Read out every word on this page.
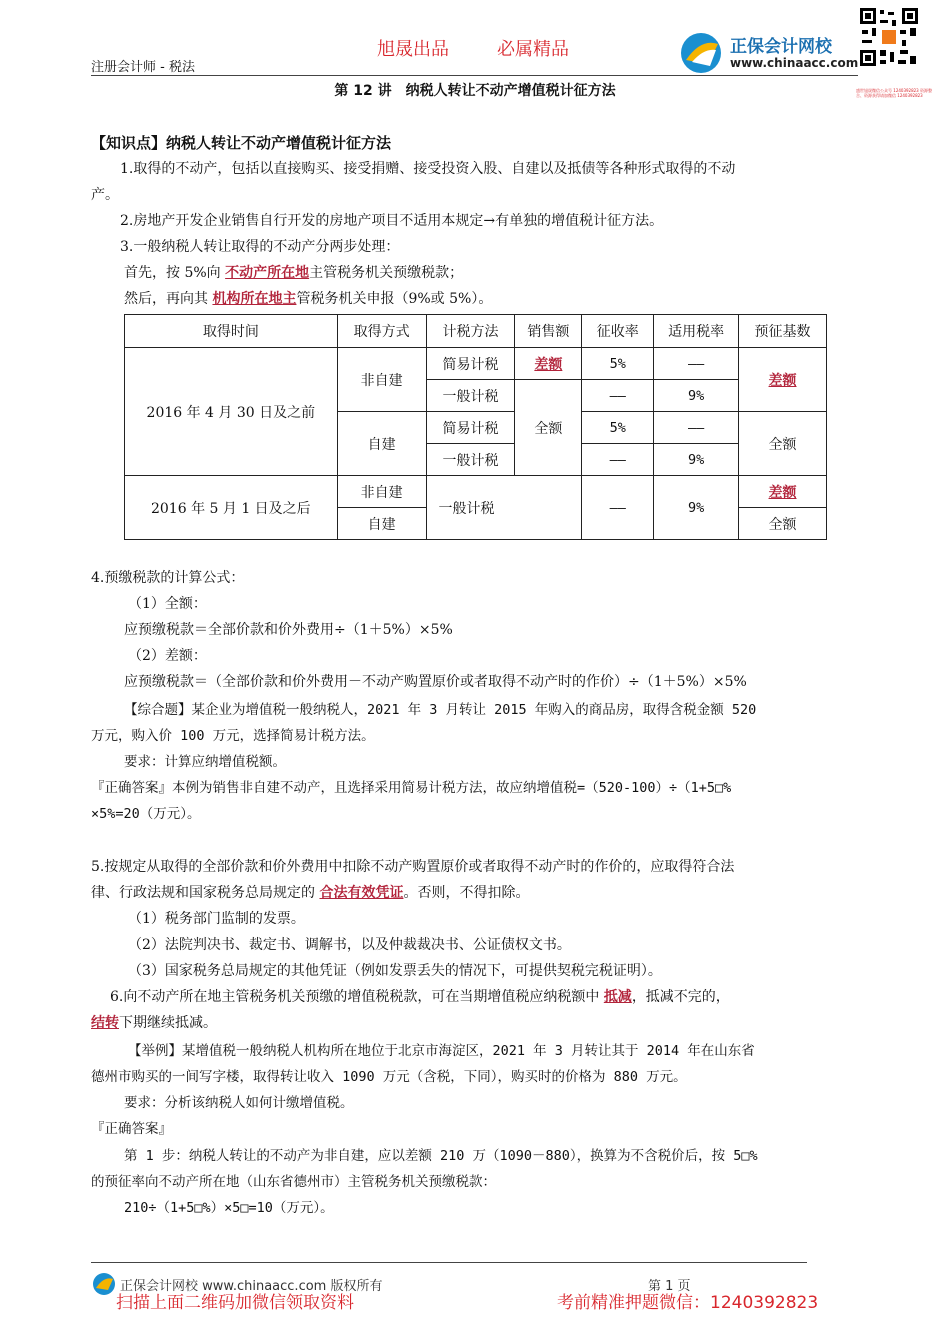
注册会计师 - 税法
旭晟出品	必属精品	正保会计网校
www.chinaacc.com
盛世旭晟微信公众号 1240392823 资源整合、资源获得请加微信 1240392823
第 12 讲　纳税人转让不动产增值税计征方法
【知识点】纳税人转让不动产增值税计征方法
1.取得的不动产，包括以直接购买、接受捐赠、接受投资入股、自建以及抵债等各种形式取得的不动
产。
2.房地产开发企业销售自行开发的房地产项目不适用本规定→有单独的增值税计征方法。
3.一般纳税人转让取得的不动产分两步处理：
首先，按 5%向 不动产所在地主管税务机关预缴税款；
然后，再向其 机构所在地主管税务机关申报（9%或 5%）。
取得时间	取得方式	计税方法	销售额	征收率	适用税率	预征基数
2016 年 4 月 30 日及之前	非自建	简易计税	差额	5%	——	差额
		一般计税	全额	——	9%	
	自建	简易计税		5%	——	全额
		一般计税		——	9%	
2016 年 5 月 1 日及之后	非自建	一般计税		——	9%	差额
	自建					全额
4.预缴税款的计算公式：
（1）全额：
应预缴税款＝全部价款和价外费用÷（1＋5%）×5%
（2）差额：
应预缴税款＝（全部价款和价外费用－不动产购置原价或者取得不动产时的作价）÷（1＋5%）×5%
【综合题】某企业为增值税一般纳税人，2021 年 3 月转让 2015 年购入的商品房，取得含税金额 520
万元，购入价 100 万元，选择简易计税方法。
要求：计算应纳增值税额。
『正确答案』本例为销售非自建不动产，且选择采用简易计税方法，故应纳增值税=（520-100）÷（1+5□%
×5%=20（万元）。
5.按规定从取得的全部价款和价外费用中扣除不动产购置原价或者取得不动产时的作价的，应取得符合法
律、行政法规和国家税务总局规定的 合法有效凭证。否则，不得扣除。
（1）税务部门监制的发票。
（2）法院判决书、裁定书、调解书，以及仲裁裁决书、公证债权文书。
（3）国家税务总局规定的其他凭证（例如发票丢失的情况下，可提供契税完税证明）。
6.向不动产所在地主管税务机关预缴的增值税税款，可在当期增值税应纳税额中 抵减，抵减不完的，
结转下期继续抵减。
【举例】某增值税一般纳税人机构所在地位于北京市海淀区，2021 年 3 月转让其于 2014 年在山东省
德州市购买的一间写字楼，取得转让收入 1090 万元（含税，下同），购买时的价格为 880 万元。
要求：分析该纳税人如何计缴增值税。
『正确答案』
第 1 步：纳税人转让的不动产为非自建，应以差额 210 万（1090－880），换算为不含税价后，按 5□%
的预征率向不动产所在地（山东省德州市）主管税务机关预缴税款：
210÷（1+5□%）×5□=10（万元）。
正保会计网校 www.chinaacc.com 版权所有	第 1 页
扫描上面二维码加微信领取资料	考前精准押题微信：1240392823
